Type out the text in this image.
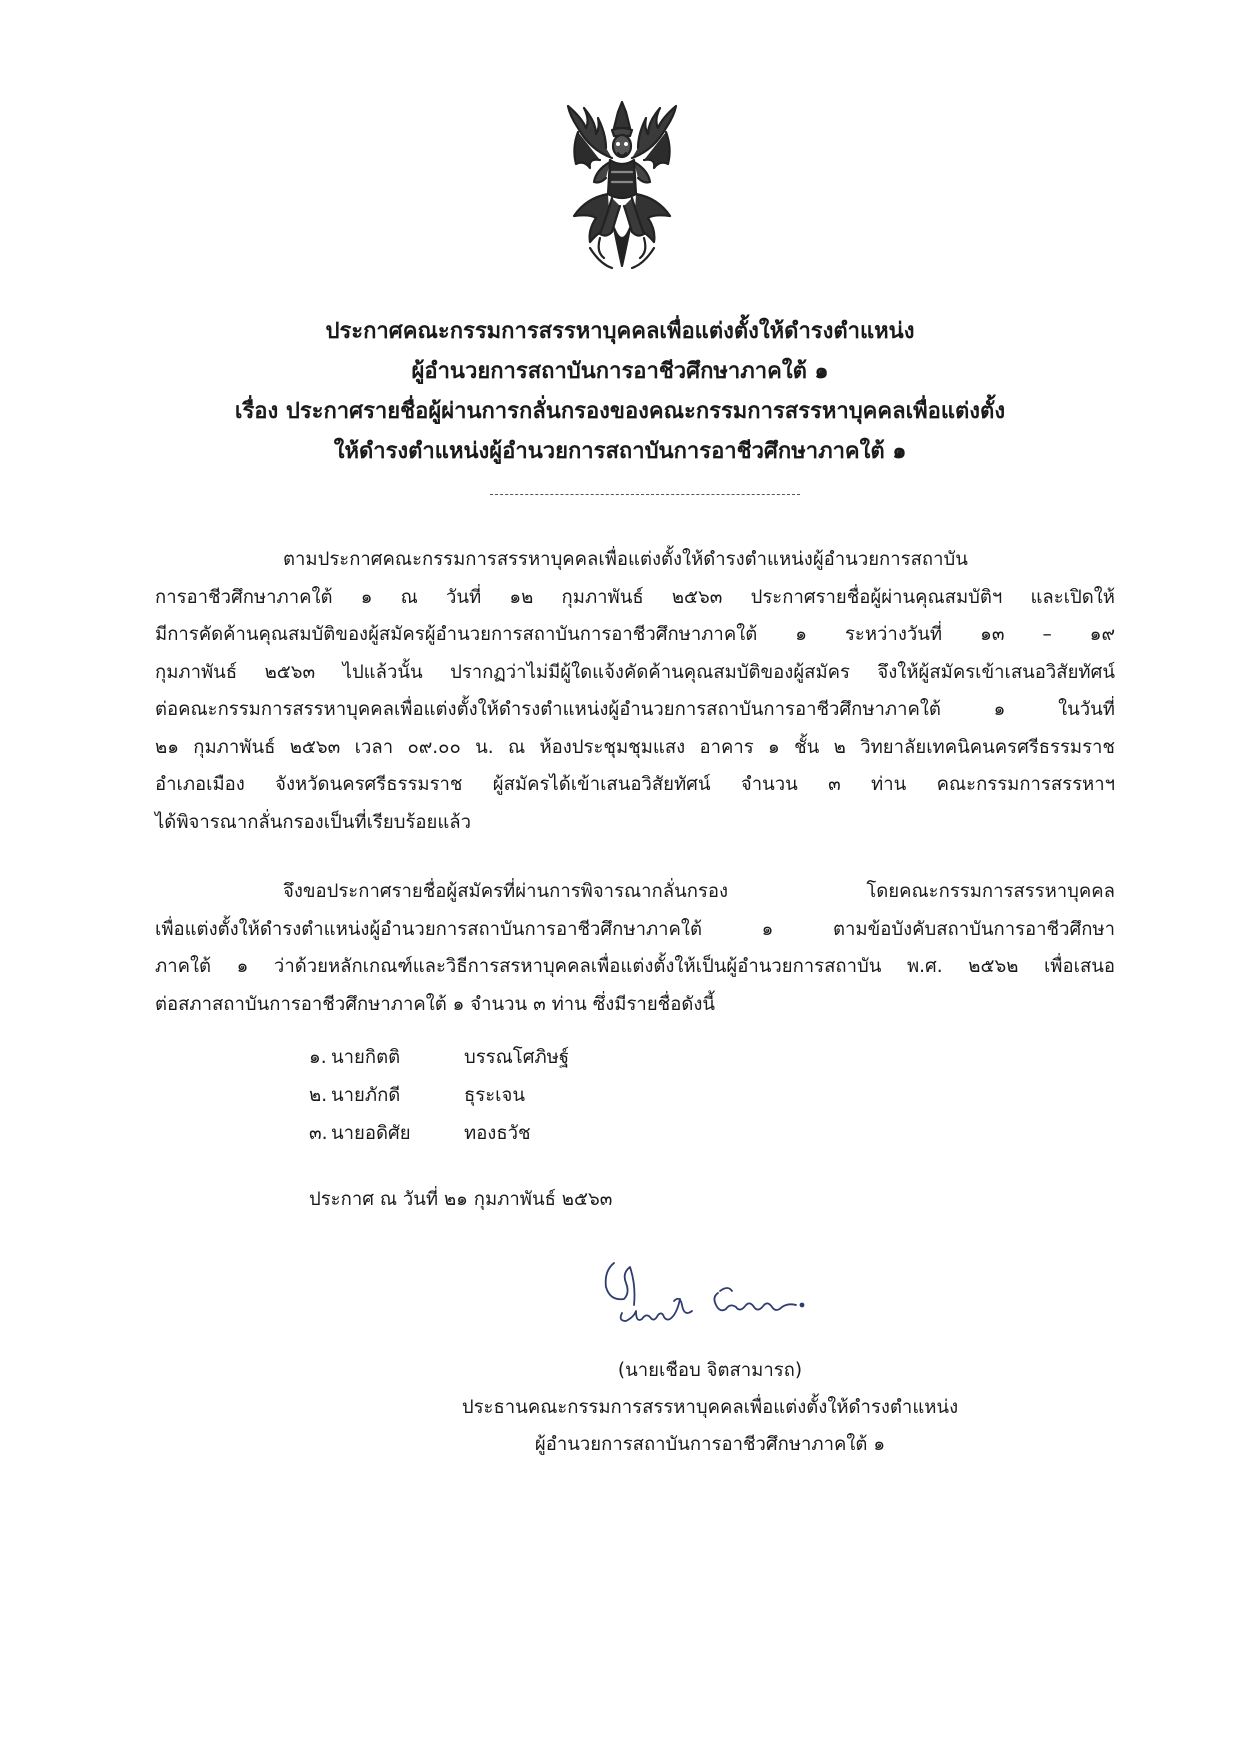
ประกาศคณะกรรมการสรรหาบุคคลเพื่อแต่งตั้งให้ดำรงตำแหน่ง
ผู้อำนวยการสถาบันการอาชีวศึกษาภาคใต้ ๑
เรื่อง ประกาศรายชื่อผู้ผ่านการกลั่นกรองของคณะกรรมการสรรหาบุคคลเพื่อแต่งตั้ง
ให้ดำรงตำแหน่งผู้อำนวยการสถาบันการอาชีวศึกษาภาคใต้ ๑
ตามประกาศคณะกรรมการสรรหาบุคคลเพื่อแต่งตั้งให้ดำรงตำแหน่งผู้อำนวยการสถาบัน
การอาชีวศึกษาภาคใต้ ๑ ณ วันที่ ๑๒ กุมภาพันธ์ ๒๕๖๓ ประกาศรายชื่อผู้ผ่านคุณสมบัติฯ และเปิดให้
มีการคัดค้านคุณสมบัติของผู้สมัครผู้อำนวยการสถาบันการอาชีวศึกษาภาคใต้ ๑ ระหว่างวันที่ ๑๓ – ๑๙
กุมภาพันธ์ ๒๕๖๓ ไปแล้วนั้น ปรากฏว่าไม่มีผู้ใดแจ้งคัดค้านคุณสมบัติของผู้สมัคร จึงให้ผู้สมัครเข้าเสนอวิสัยทัศน์
ต่อคณะกรรมการสรรหาบุคคลเพื่อแต่งตั้งให้ดำรงตำแหน่งผู้อำนวยการสถาบันการอาชีวศึกษาภาคใต้ ๑ ในวันที่
๒๑ กุมภาพันธ์ ๒๕๖๓ เวลา ๐๙.๐๐ น. ณ ห้องประชุมชุมแสง อาคาร ๑ ชั้น ๒ วิทยาลัยเทคนิคนครศรีธรรมราช
อำเภอเมือง จังหวัดนครศรีธรรมราช ผู้สมัครได้เข้าเสนอวิสัยทัศน์ จำนวน ๓ ท่าน คณะกรรมการสรรหาฯ
ได้พิจารณากลั่นกรองเป็นที่เรียบร้อยแล้ว
จึงขอประกาศรายชื่อผู้สมัครที่ผ่านการพิจารณากลั่นกรอง โดยคณะกรรมการสรรหาบุคคล
เพื่อแต่งตั้งให้ดำรงตำแหน่งผู้อำนวยการสถาบันการอาชีวศึกษาภาคใต้ ๑ ตามข้อบังคับสถาบันการอาชีวศึกษา
ภาคใต้ ๑ ว่าด้วยหลักเกณฑ์และวิธีการสรหาบุคคลเพื่อแต่งตั้งให้เป็นผู้อำนวยการสถาบัน พ.ศ. ๒๕๖๒ เพื่อเสนอ
ต่อสภาสถาบันการอาชีวศึกษาภาคใต้ ๑ จำนวน ๓ ท่าน ซึ่งมีรายชื่อดังนี้
๑. นายกิตติ	บรรณโศภิษฐ์
๒. นายภักดี	ธุระเจน
๓. นายอดิศัย	ทองธวัช
ประกาศ ณ วันที่ ๒๑ กุมภาพันธ์ ๒๕๖๓
(นายเชือบ จิตสามารถ)
ประธานคณะกรรมการสรรหาบุคคลเพื่อแต่งตั้งให้ดำรงตำแหน่ง
ผู้อำนวยการสถาบันการอาชีวศึกษาภาคใต้ ๑
